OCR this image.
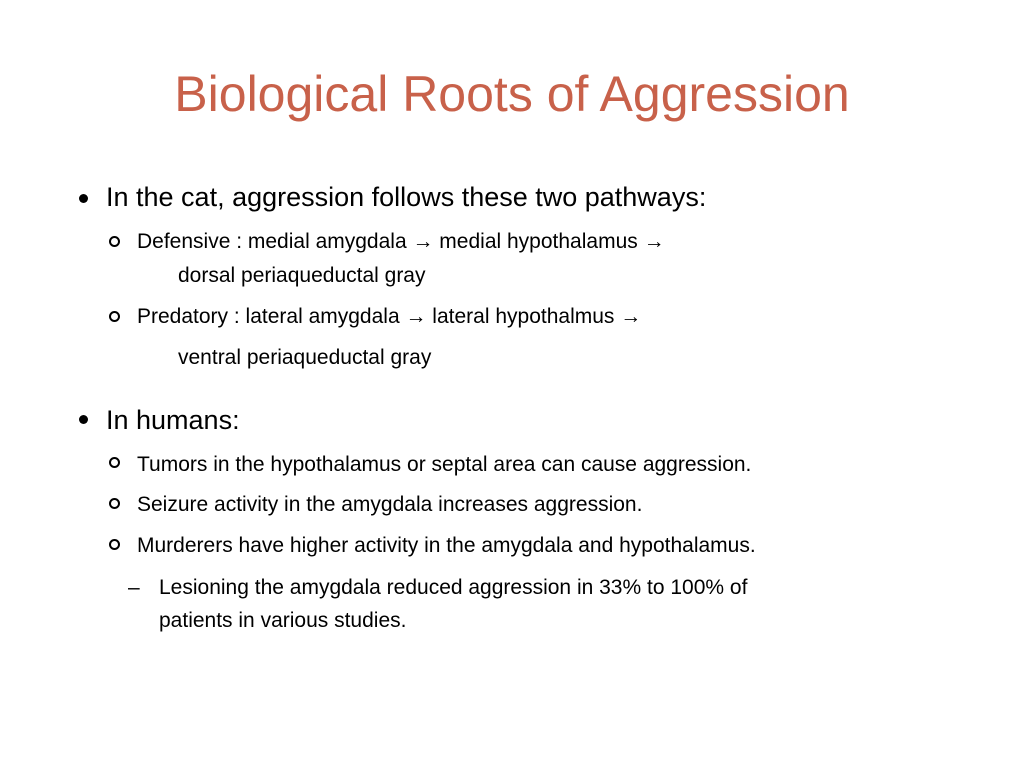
Biological Roots of Aggression
In the cat, aggression follows these two pathways:
Defensive : medial amygdala → medial hypothalamus →
dorsal periaqueductal gray
Predatory : lateral amygdala → lateral hypothalmus →
ventral periaqueductal gray
In humans:
Tumors in the hypothalamus or septal area can cause aggression.
Seizure activity in the amygdala increases aggression.
Murderers have higher activity in the amygdala and hypothalamus.
– Lesioning the amygdala reduced aggression in 33% to 100% of
patients in various studies.
